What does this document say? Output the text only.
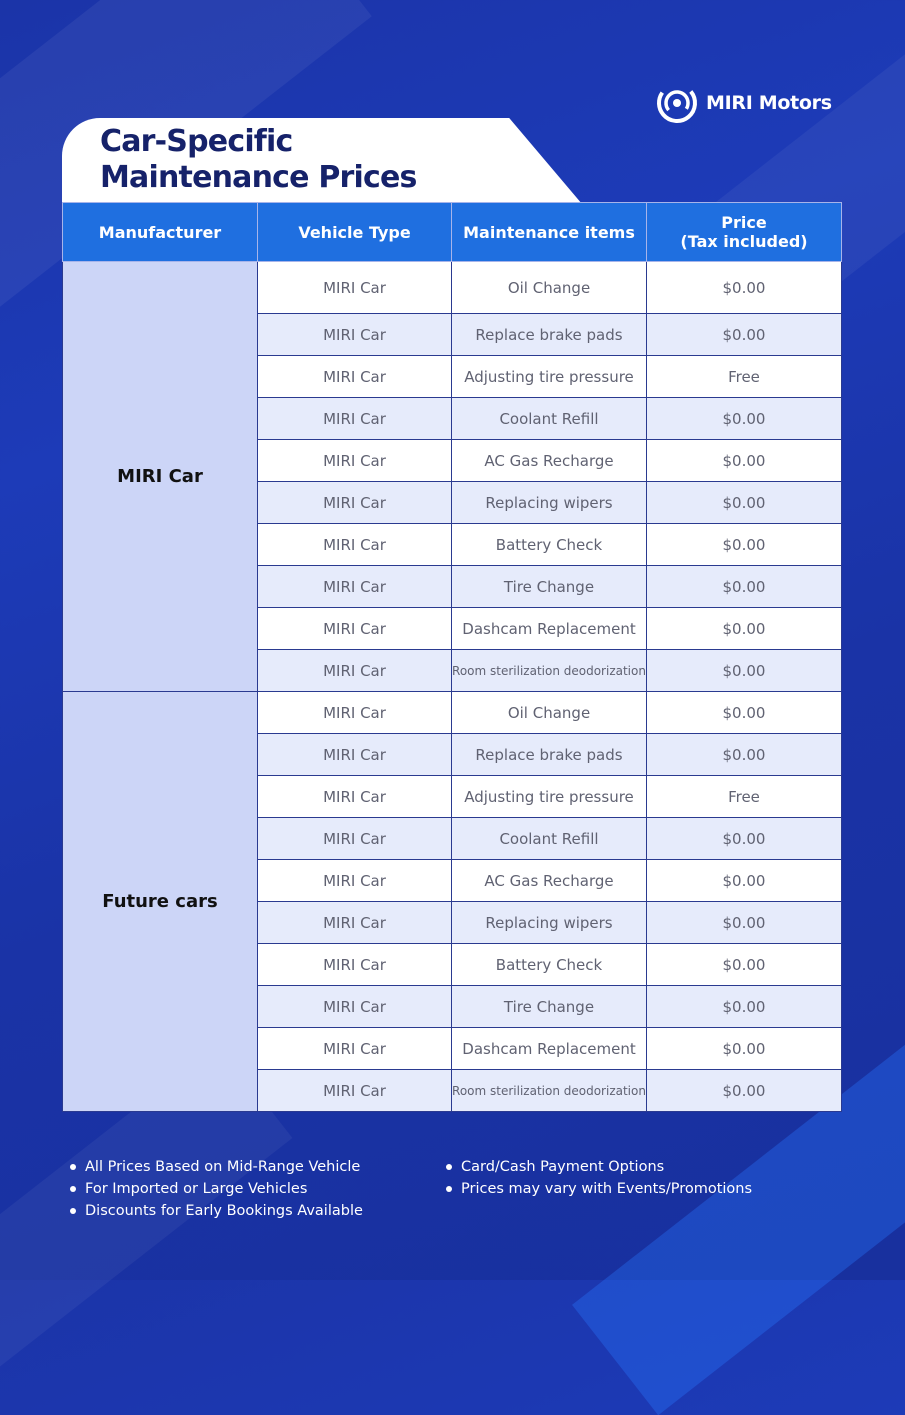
MIRI Motors
Car-Specific
Maintenance Prices
Manufacturer	Vehicle Type	Maintenance items	Price
(Tax included)
MIRI Car	MIRI Car	Oil Change	$0.00
	MIRI Car	Replace brake pads	$0.00
	MIRI Car	Adjusting tire pressure	Free
	MIRI Car	Coolant Refill	$0.00
	MIRI Car	AC Gas Recharge	$0.00
	MIRI Car	Replacing wipers	$0.00
	MIRI Car	Battery Check	$0.00
	MIRI Car	Tire Change	$0.00
	MIRI Car	Dashcam Replacement	$0.00
	MIRI Car	Room sterilization deodorization	$0.00
Future cars	MIRI Car	Oil Change	$0.00
	MIRI Car	Replace brake pads	$0.00
	MIRI Car	Adjusting tire pressure	Free
	MIRI Car	Coolant Refill	$0.00
	MIRI Car	AC Gas Recharge	$0.00
	MIRI Car	Replacing wipers	$0.00
	MIRI Car	Battery Check	$0.00
	MIRI Car	Tire Change	$0.00
	MIRI Car	Dashcam Replacement	$0.00
	MIRI Car	Room sterilization deodorization	$0.00
All Prices Based on Mid-Range Vehicle
For Imported or Large Vehicles
Discounts for Early Bookings Available
Card/Cash Payment Options
Prices may vary with Events/Promotions
